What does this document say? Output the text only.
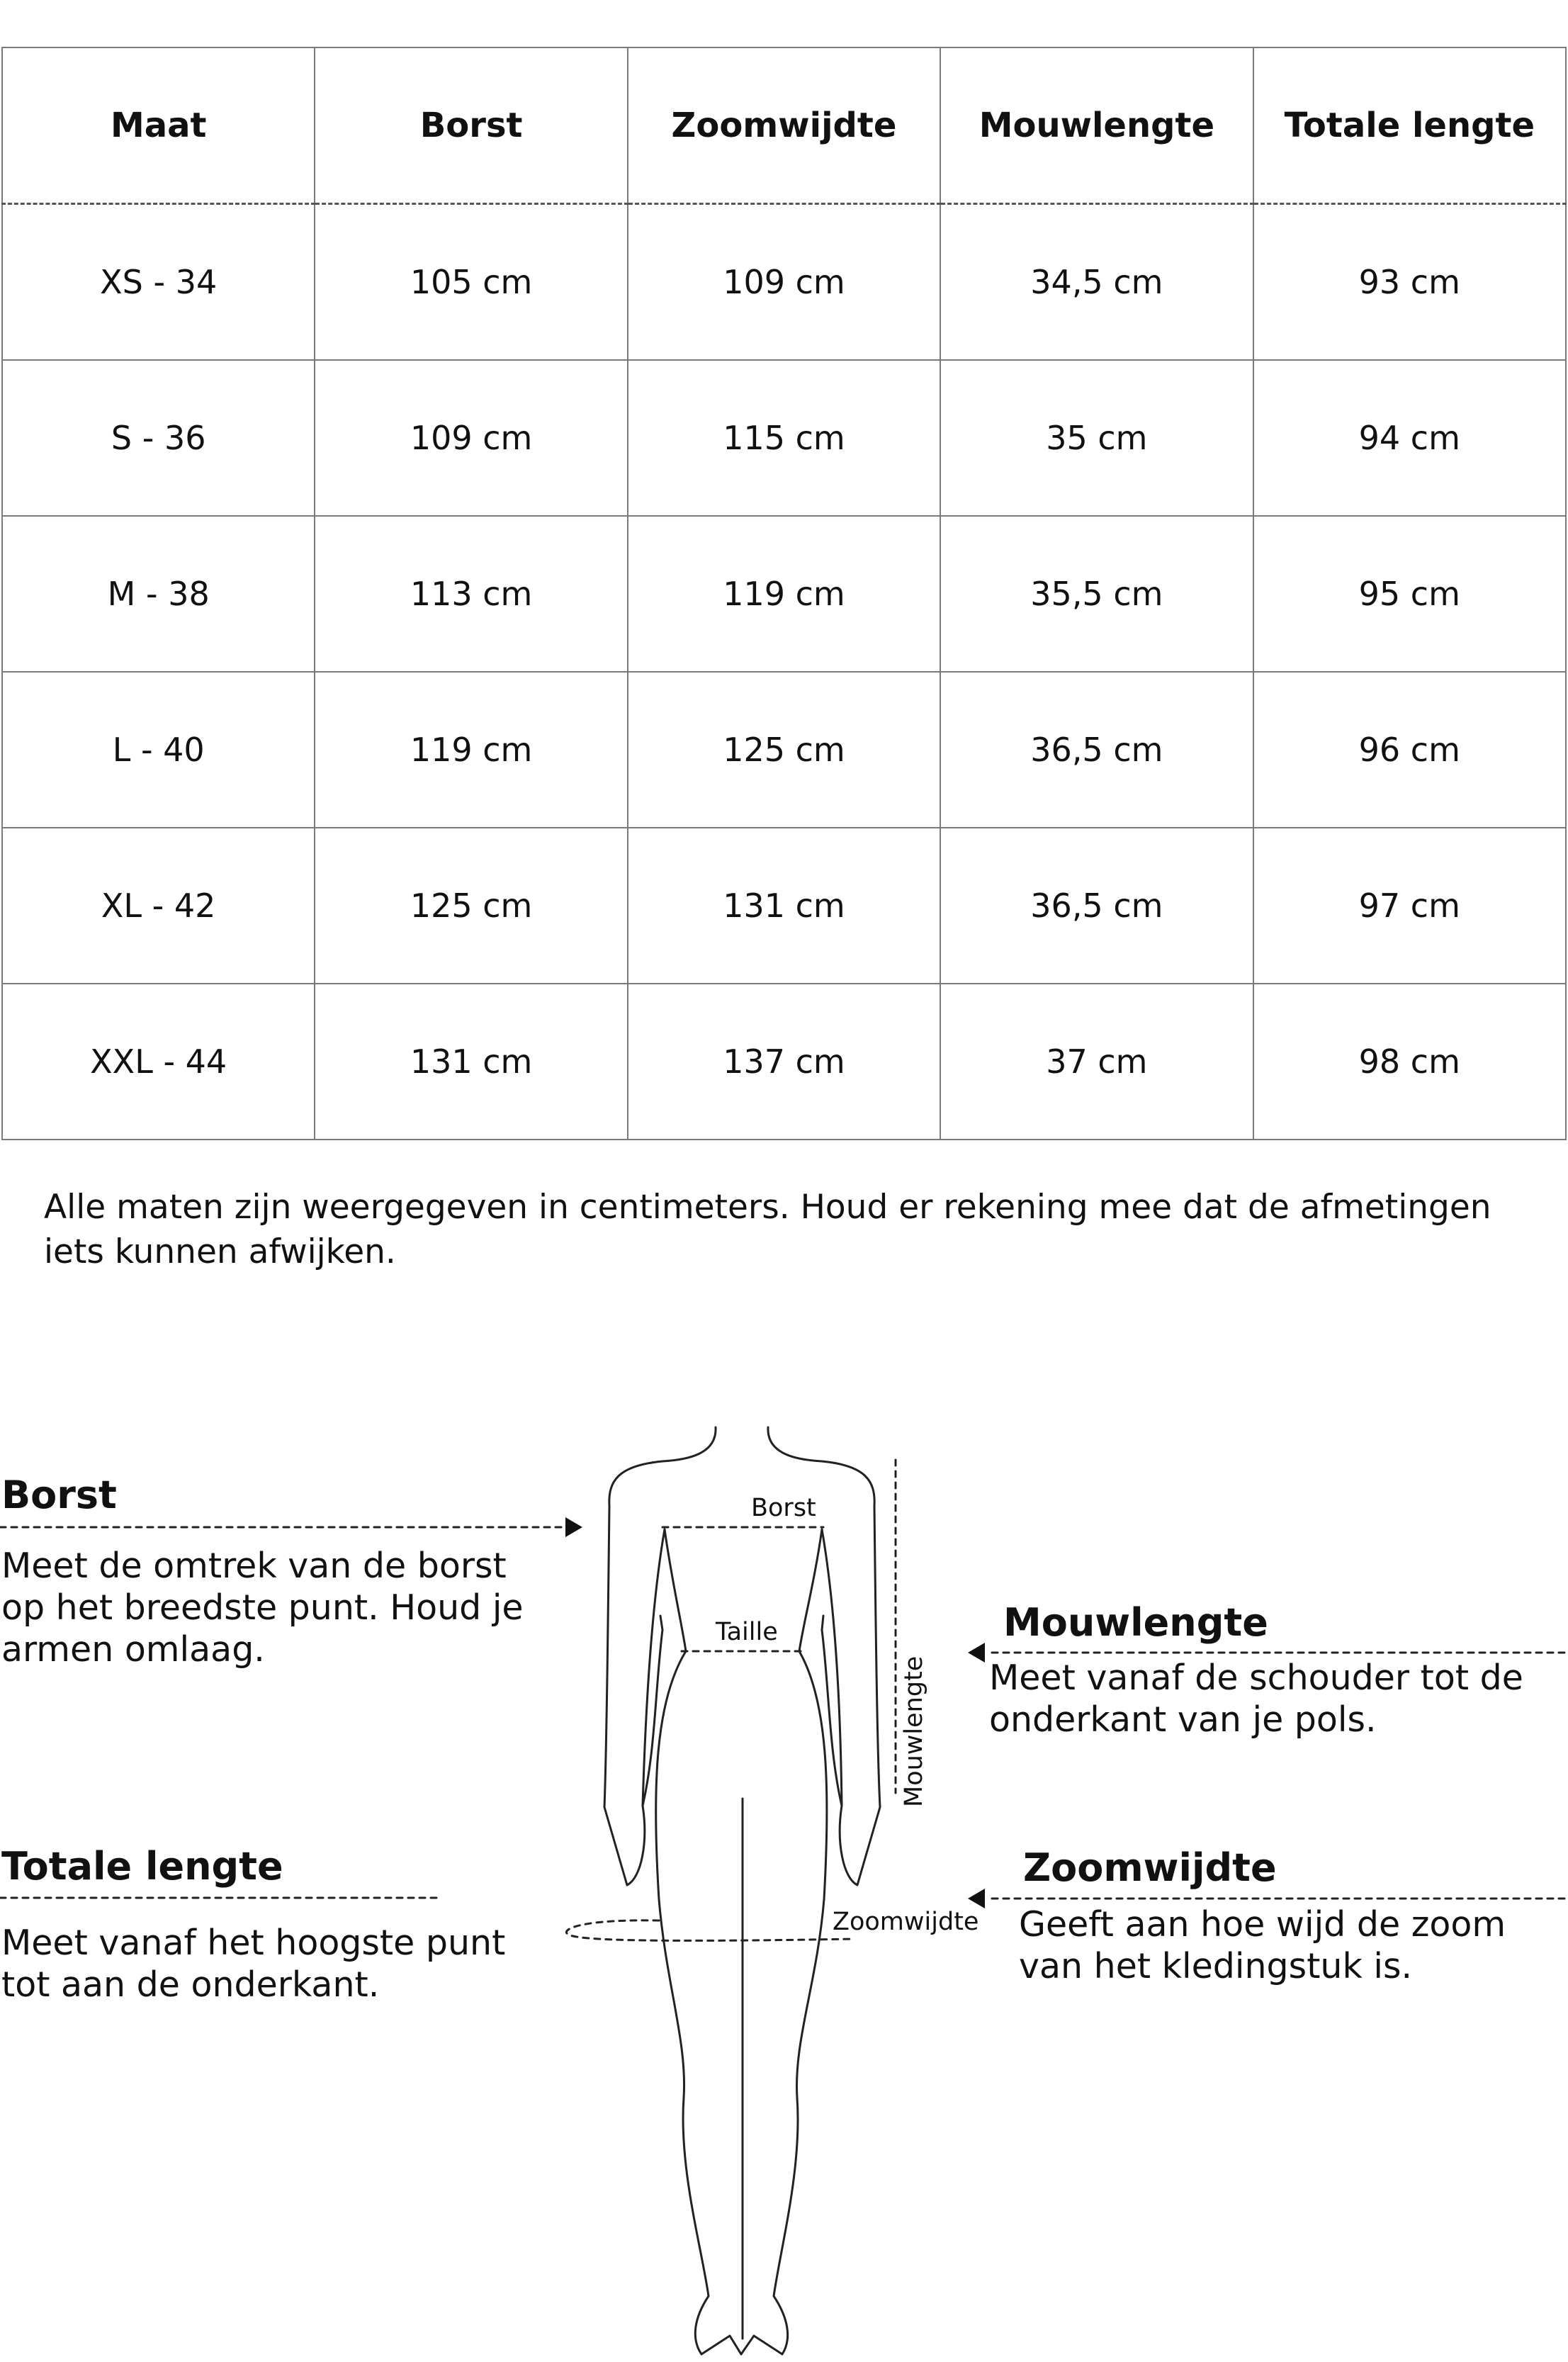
Maat	Borst	Zoomwijdte	Mouwlengte	Totale lengte
XS - 34	105 cm	109 cm	34,5 cm	93 cm
S - 36	109 cm	115 cm	35 cm	94 cm
M - 38	113 cm	119 cm	35,5 cm	95 cm
L - 40	119 cm	125 cm	36,5 cm	96 cm
XL - 42	125 cm	131 cm	36,5 cm	97 cm
XXL - 44	131 cm	137 cm	37 cm	98 cm

Alle maten zijn weergegeven in centimeters. Houd er rekening mee dat de afmetingen iets kunnen afwijken.

Borst

Taille

Zoomwijdte

Mouwlengte

Borst

Meet de omtrek van de borst op het breedste punt. Houd je armen omlaag.

Totale lengte

Meet vanaf het hoogste punt tot aan de onderkant.

Mouwlengte

Meet vanaf de schouder tot de onderkant van je pols.

Zoomwijdte

Geeft aan hoe wijd de zoom van het kledingstuk is.
